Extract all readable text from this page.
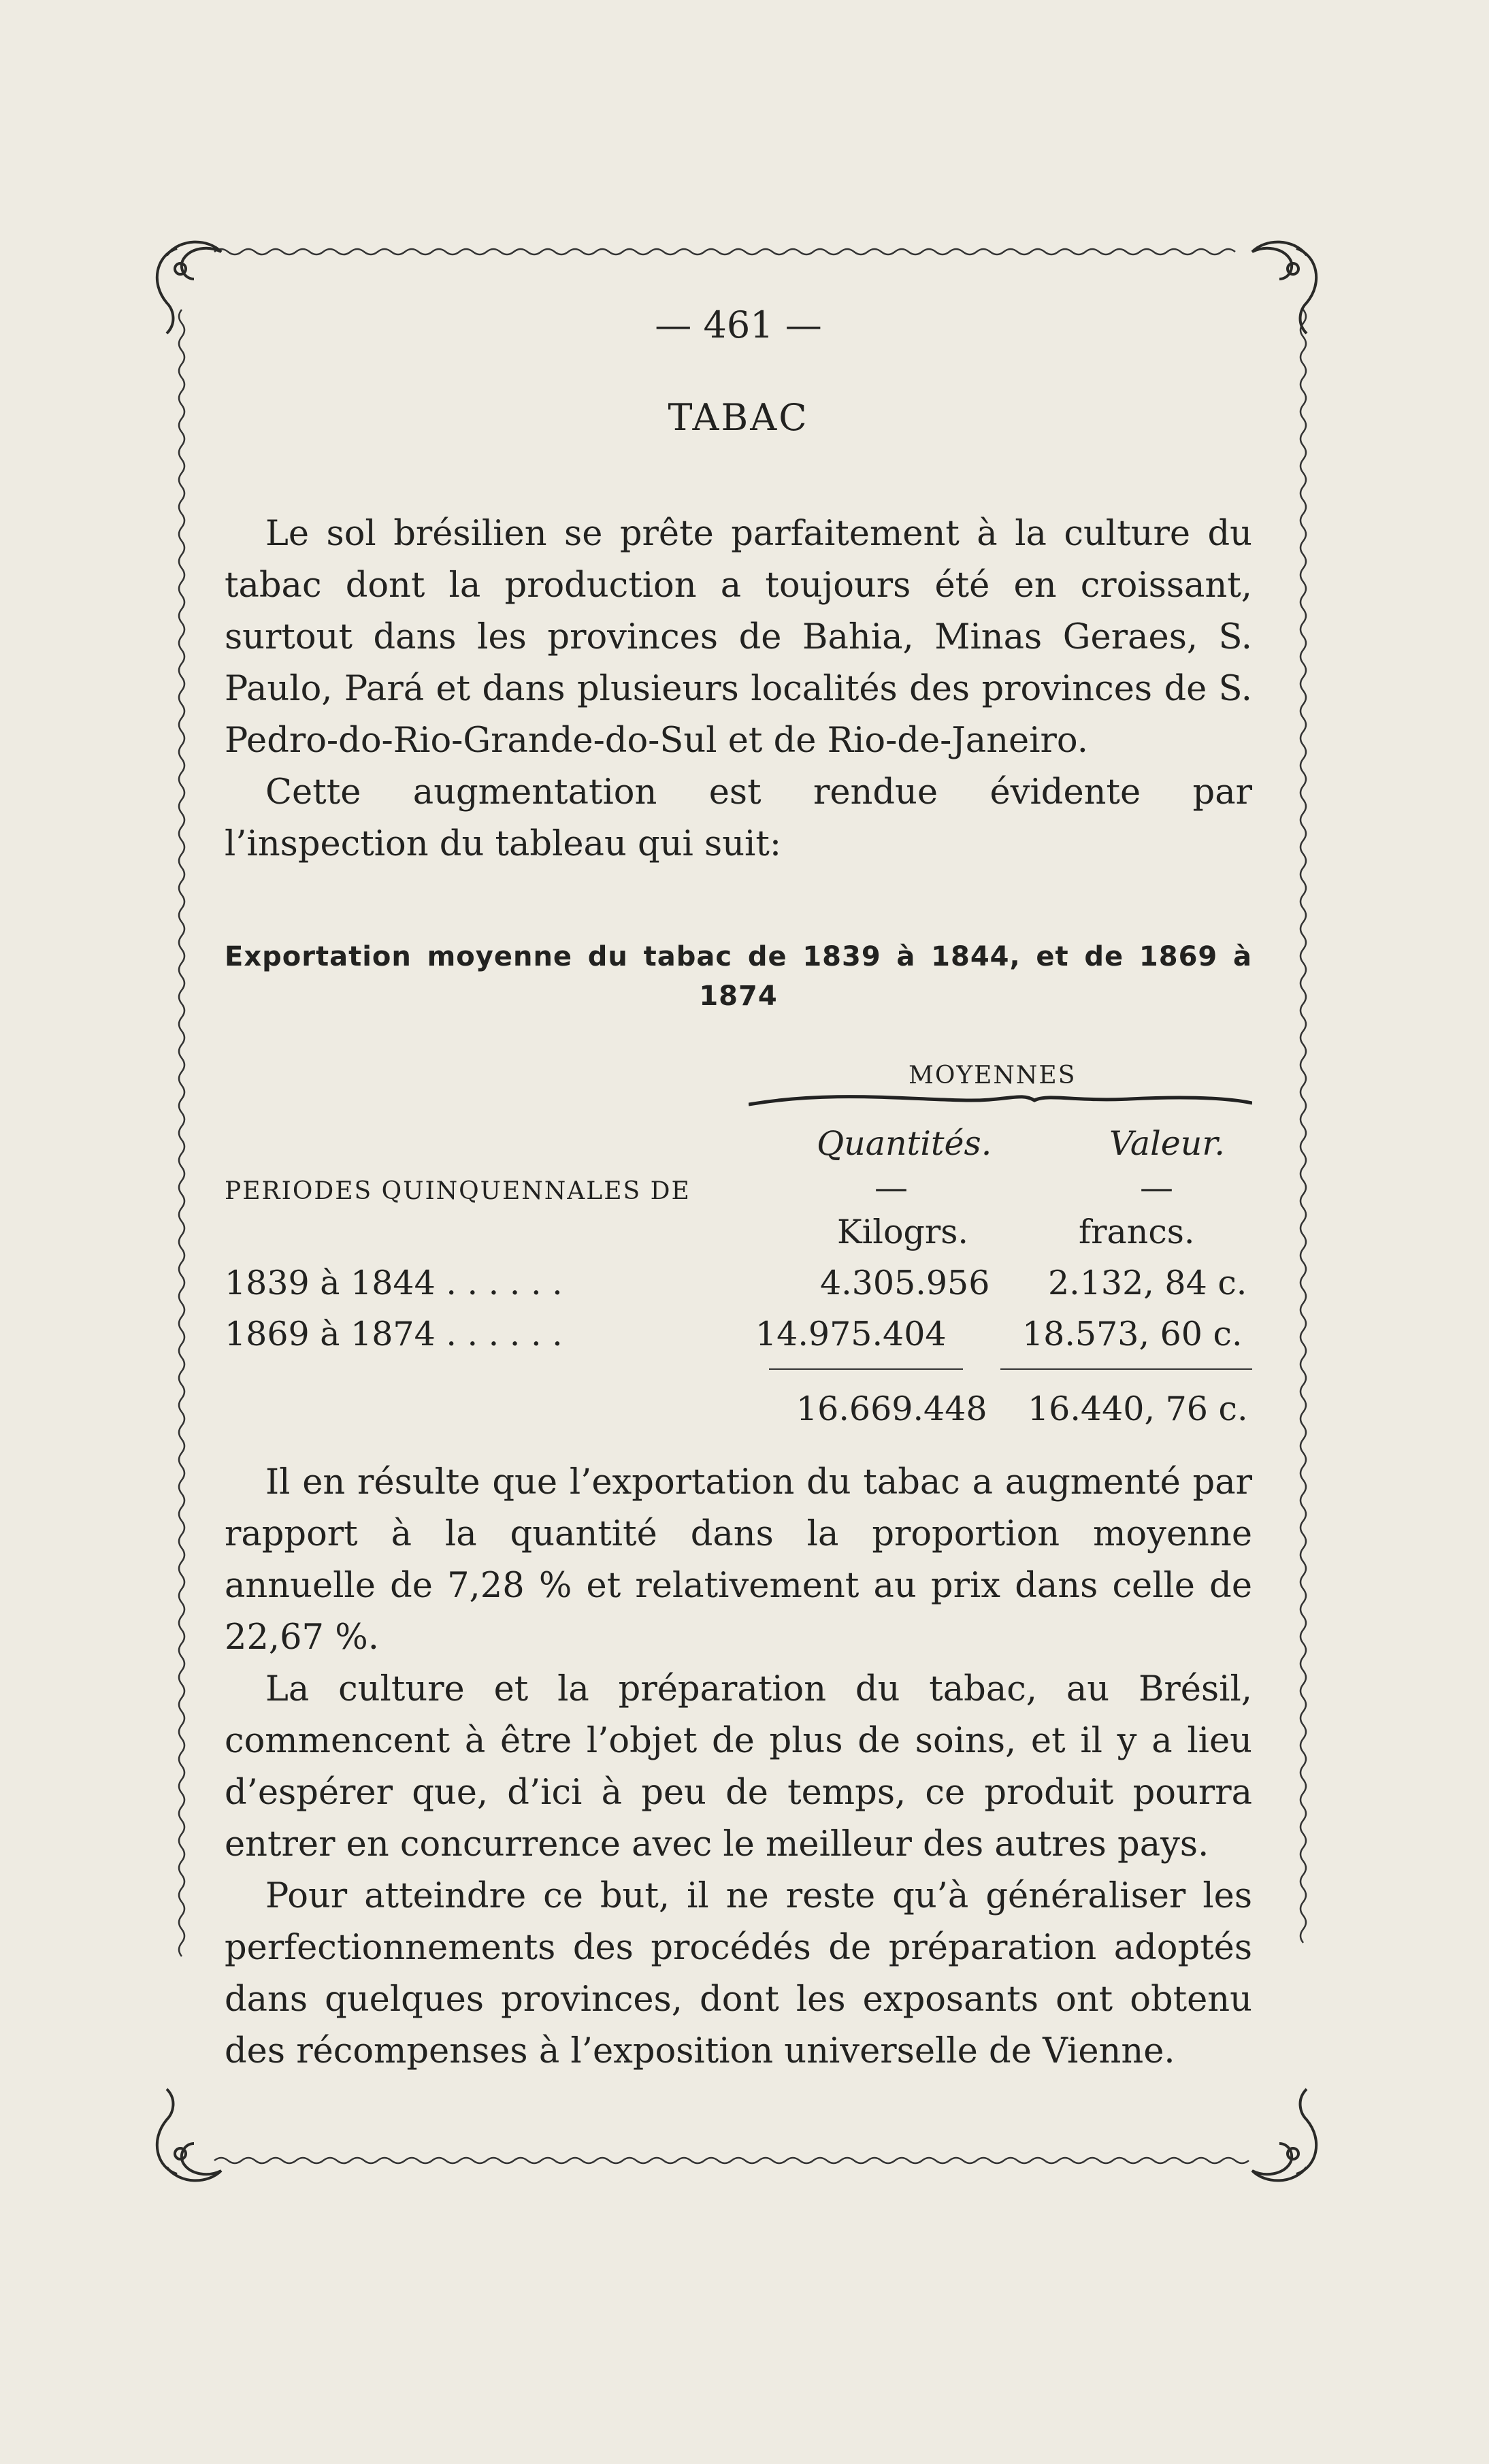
— 461 —

TABAC

Le sol brésilien se prête parfaitement à la culture du tabac dont la production a toujours été en croissant, surtout dans les provinces de Bahia, Minas Geraes, S. Paulo, Pará et dans plusieurs localités des provinces de S. Pedro-do-Rio-Grande-do-Sul et de Rio-de-Janeiro.

Cette augmentation est rendue évidente par l’inspection du tableau qui suit:

Exportation moyenne du tabac de 1839 à 1844, et de 1869 à 1874

MOYENNES
Quantités.	Valeur.
PERIODES QUINQUENNALES DE	—	—
Kilogrs.	francs.
1839 à 1844 . . . . . .	4.305.956 2.132, 84 c.
1869 à 1874 . . . . . .	14.975.404 18.573, 60 c.
16.669.448 16.440, 76 c.

Il en résulte que l’exportation du tabac a augmenté par rapport à la quantité dans la proportion moyenne annuelle de 7,28 % et relativement au prix dans celle de 22,67 %.

La culture et la préparation du tabac, au Brésil, commencent à être l’objet de plus de soins, et il y a lieu d’espérer que, d’ici à peu de temps, ce produit pourra entrer en concurrence avec le meilleur des autres pays.

Pour atteindre ce but, il ne reste qu’à généraliser les perfectionnements des procédés de préparation adoptés dans quelques provinces, dont les exposants ont obtenu des récompenses à l’exposition universelle de Vienne.
